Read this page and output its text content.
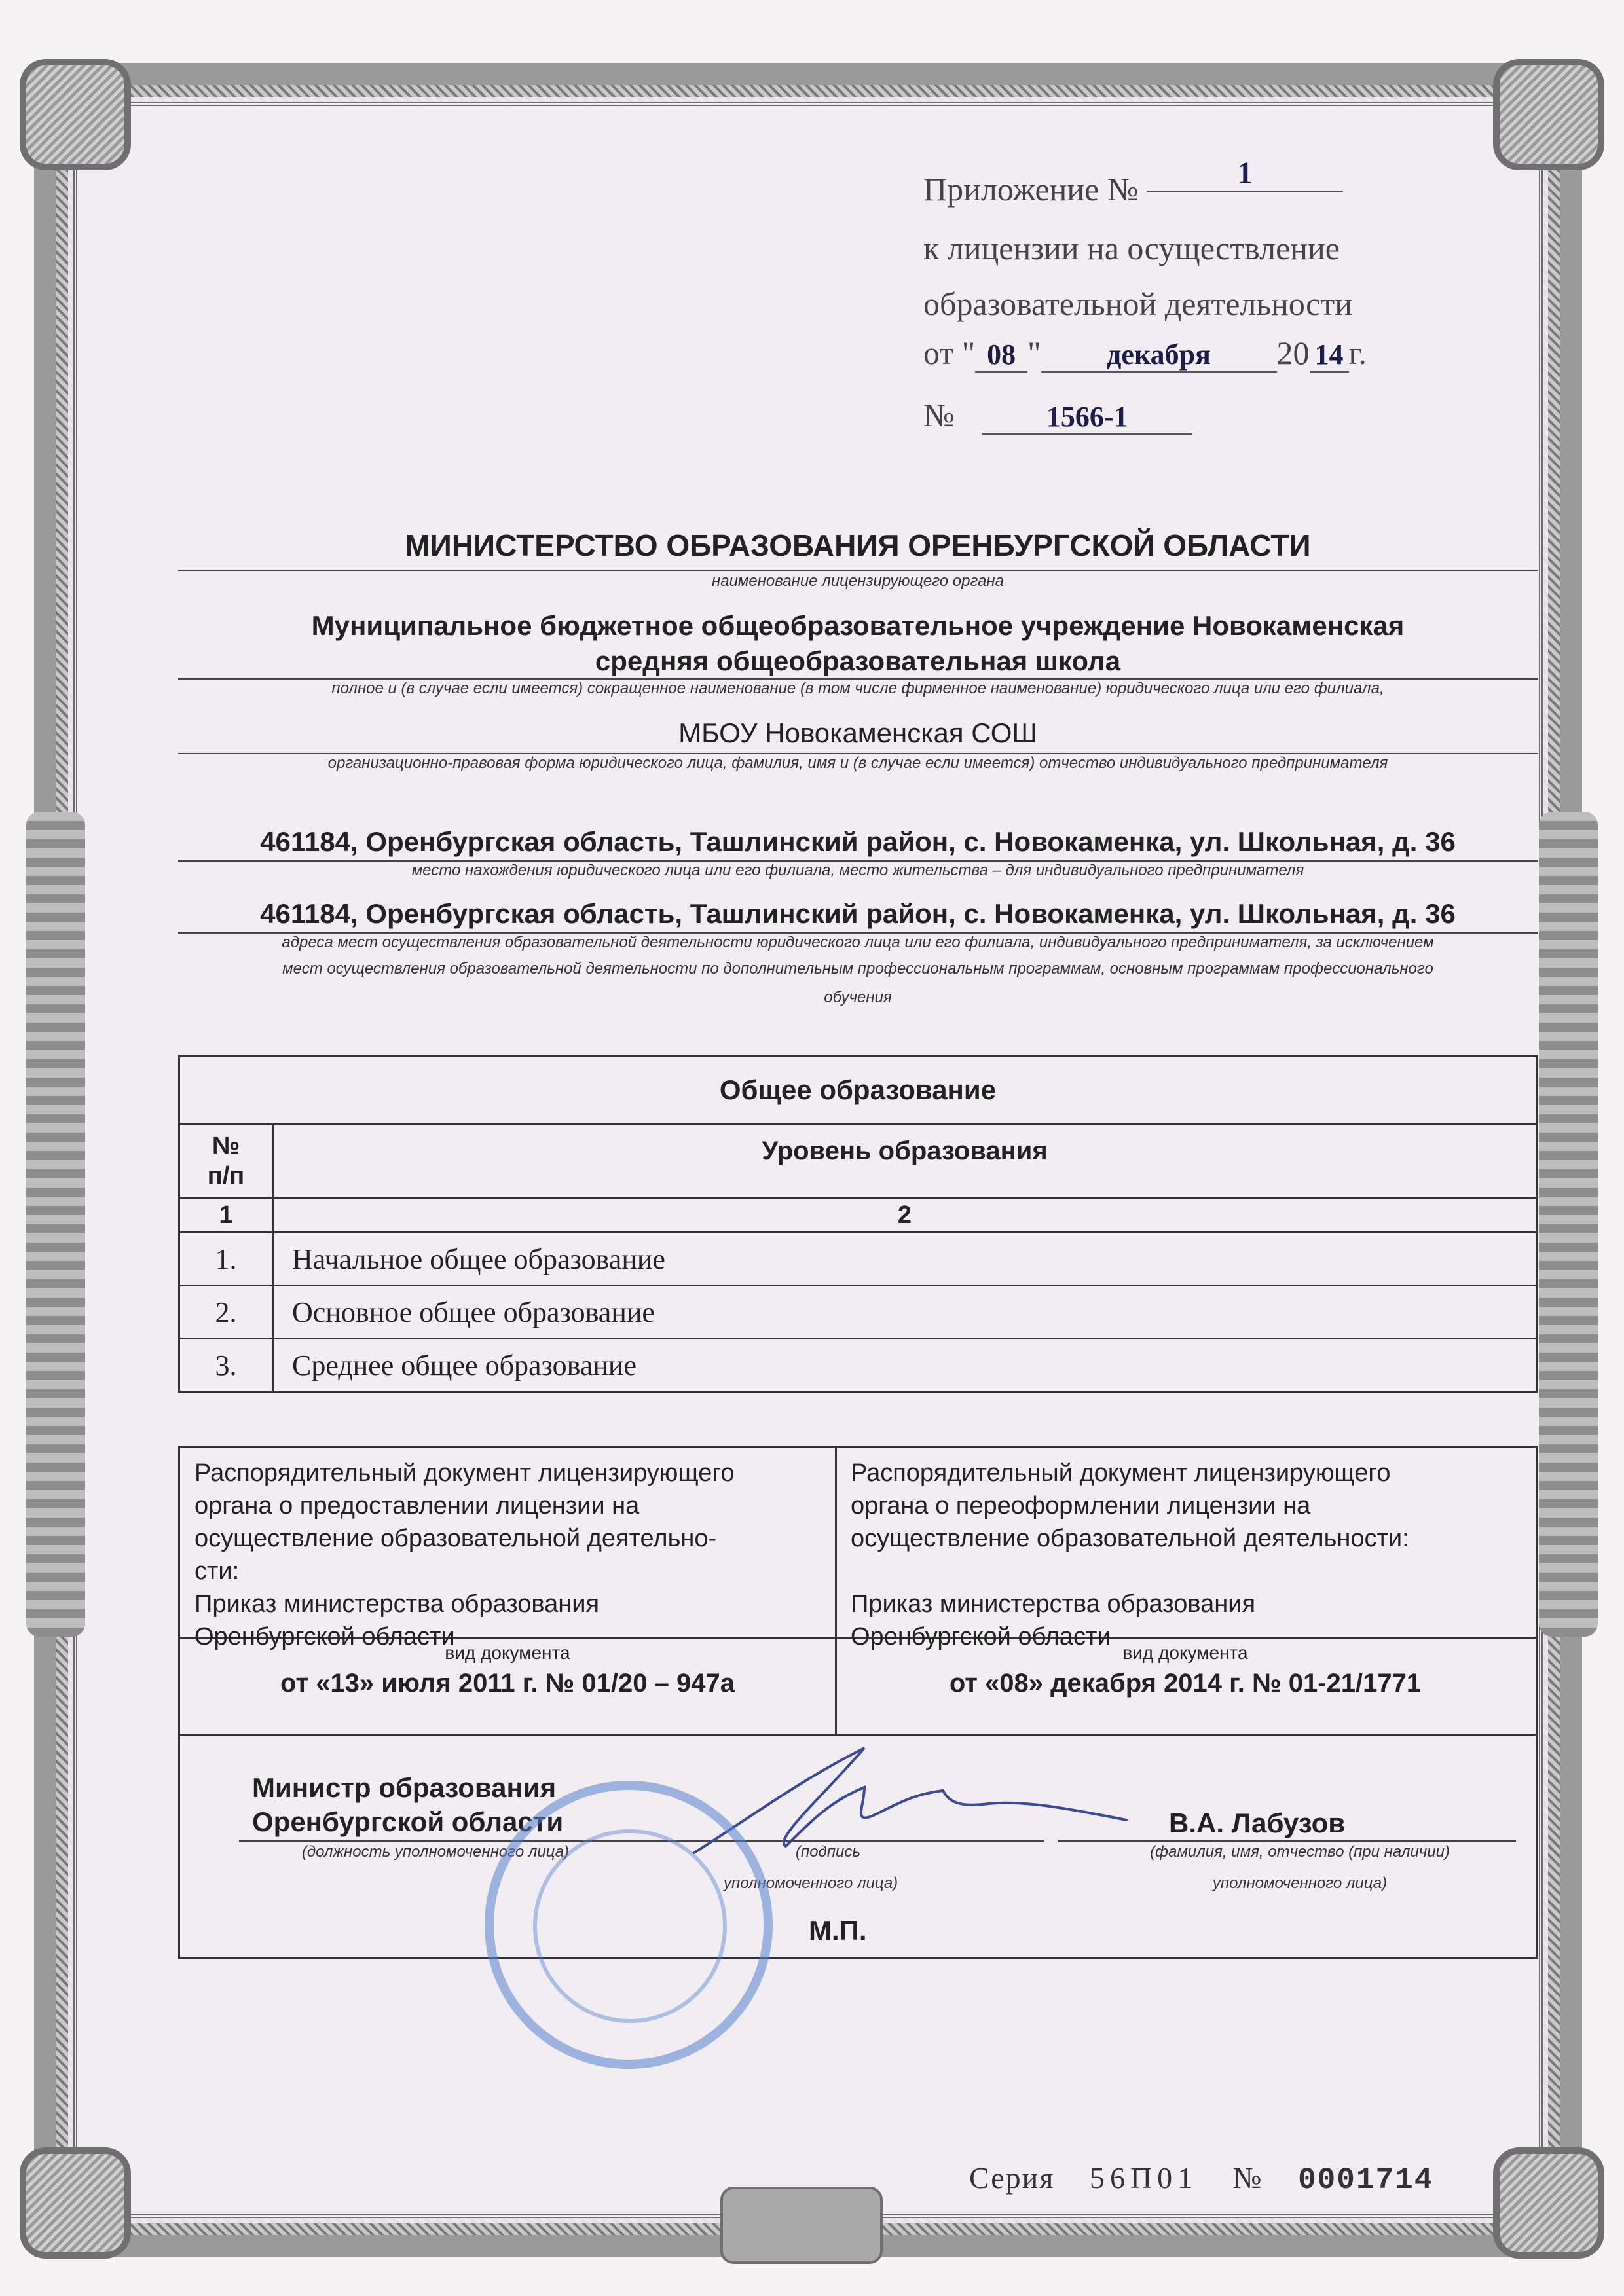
Приложение №	1
к лицензии на осуществление
образовательной деятельности
от " 08 " декабря 20 14 г.
№	1566-1
МИНИСТЕРСТВО ОБРАЗОВАНИЯ ОРЕНБУРГСКОЙ ОБЛАСТИ
наименование лицензирующего органа
Муниципальное бюджетное общеобразовательное учреждение Новокаменская
средняя общеобразовательная школа
полное и (в случае если имеется) сокращенное наименование (в том числе фирменное наименование) юридического лица или его филиала,
МБОУ Новокаменская СОШ
организационно-правовая форма юридического лица, фамилия, имя и (в случае если имеется) отчество индивидуального предпринимателя
461184, Оренбургская область, Ташлинский район, с. Новокаменка, ул. Школьная, д. 36
место нахождения юридического лица или его филиала, место жительства – для индивидуального предпринимателя
461184, Оренбургская область, Ташлинский район, с. Новокаменка, ул. Школьная, д. 36
адреса мест осуществления образовательной деятельности юридического лица или его филиала, индивидуального предпринимателя, за исключением
мест осуществления образовательной деятельности по дополнительным профессиональным программам, основным программам профессионального
обучения
Общее образование	

№
п/п	Уровень образования
1	2
1.	Начальное общее образование
2.	Основное общее образование
3.	Среднее общее образование
Распорядительный документ лицензирующего
органа о предоставлении лицензии на
осуществление образовательной деятельно-
сти:
Приказ министерства образования
Оренбургской области
вид документа
от «13» июля 2011 г. № 01/20 – 947а
Распорядительный документ лицензирующего
органа о переоформлении лицензии на
осуществление образовательной деятельности:
Приказ министерства образования
Оренбургской области
вид документа
от «08» декабря 2014 г. № 01-21/1771
Министр образования
Оренбургской области
(должность уполномоченного лица)	(подпись
уполномоченного лица)
В.А. Лабузов
(фамилия, имя, отчество (при наличии)
уполномоченного лица)
М.П.
Серия 56П01 № 0001714
